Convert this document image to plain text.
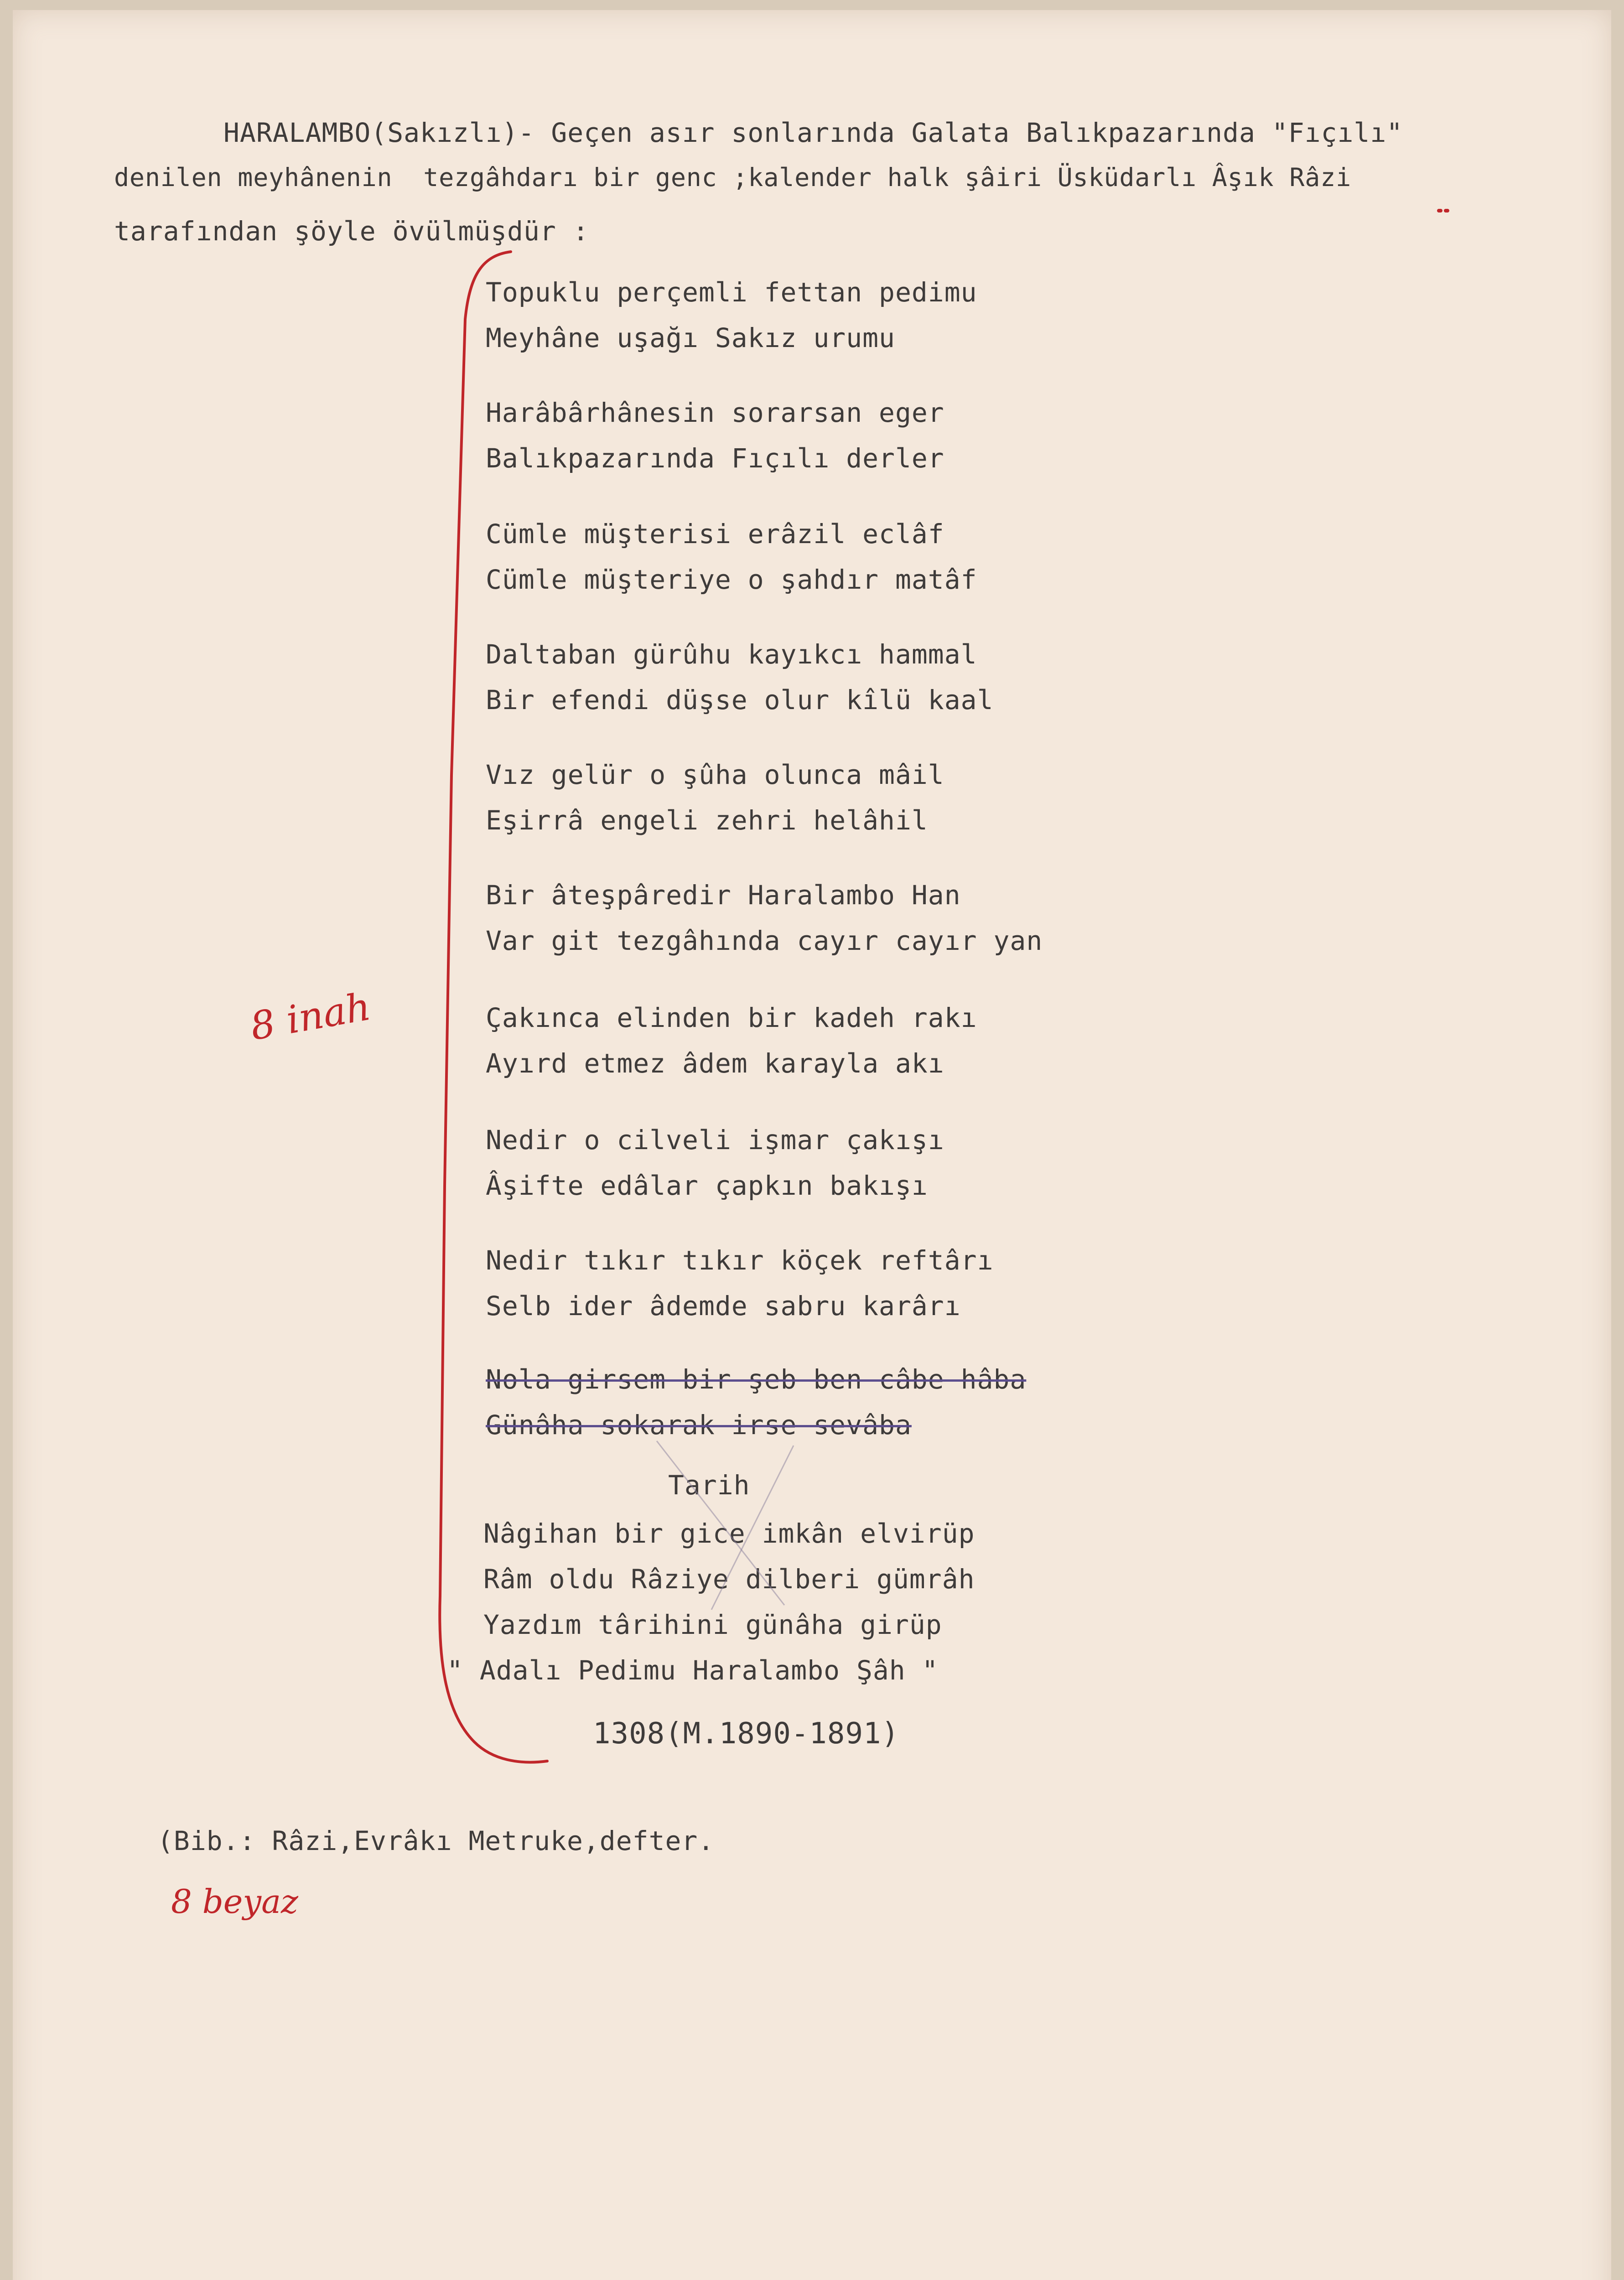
HARALAMBO(Sakızlı)- Geçen asır sonlarında Galata Balıkpazarında "Fıçılı"
denilen meyhânenin  tezgâhdarı bir genc ;kalender halk şâiri Üsküdarlı Âşık Râzi
tarafından şöyle övülmüşdür :
Topuklu perçemli fettan pedimu
Meyhâne uşağı Sakız urumu
Harâbârhânesin sorarsan eger
Balıkpazarında Fıçılı derler
Cümle müşterisi erâzil eclâf
Cümle müşteriye o şahdır matâf
Daltaban gürûhu kayıkcı hammal
Bir efendi düşse olur kîlü kaal
Vız gelür o şûha olunca mâil
Eşirrâ engeli zehri helâhil
Bir âteşpâredir Haralambo Han
Var git tezgâhında cayır cayır yan
Çakınca elinden bir kadeh rakı
Ayırd etmez âdem karayla akı
Nedir o cilveli işmar çakışı
Âşifte edâlar çapkın bakışı
Nedir tıkır tıkır köçek reftârı
Selb ider âdemde sabru karârı
Nola girsem bir şeb ben câbe hâba
Günâha sokarak irse sevâba
Tarih
Nâgihan bir gice imkân elvirüp
Râm oldu Râziye dilberi gümrâh
Yazdım târihini günâha girüp
" Adalı Pedimu Haralambo Şâh "
1308(M.1890-1891)
(Bib.: Râzi,Evrâkı Metruke,defter.
8 inah
8 beyaz
